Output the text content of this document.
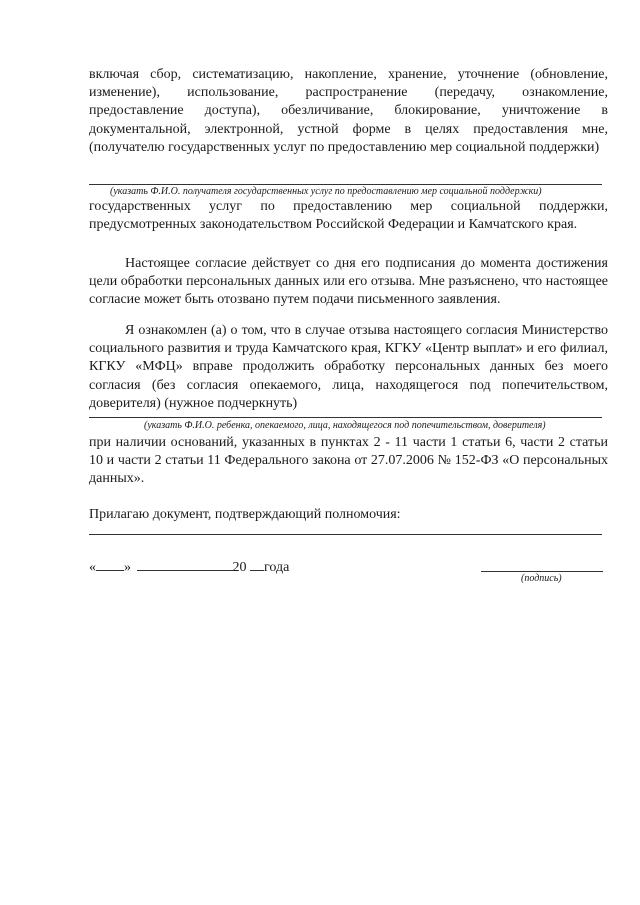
включая сбор, систематизацию, накопление, хранение, уточнение (обновление, изменение), использование, распространение (передачу, ознакомление, предоставление доступа), обезличивание, блокирование, уничтожение в документальной, электронной, устной форме в целях предоставления мне, (получателю государственных услуг по предоставлению мер социальной поддержки)
(указать Ф.И.О. получателя государственных услуг по предоставлению мер социальной поддержки)
государственных услуг по предоставлению мер социальной поддержки, предусмотренных законодательством Российской Федерации и Камчатского края.
Настоящее согласие действует со дня его подписания до момента достижения цели обработки персональных данных или его отзыва. Мне разъяснено, что настоящее согласие может быть отозвано путем подачи письменного заявления.
Я ознакомлен (а) о том, что в случае отзыва настоящего согласия Министерство социального развития и труда Камчатского края, КГКУ «Центр выплат» и его филиал, КГКУ «МФЦ» вправе продолжить обработку персональных данных без моего согласия (без согласия опекаемого, лица, находящегося под попечительством, доверителя) (нужное подчеркнуть)
(указать Ф.И.О. ребенка, опекаемого, лица, находящегося под попечительством, доверителя)
при наличии оснований, указанных в пунктах 2 - 11 части 1 статьи 6, части 2 статьи 10 и части 2 статьи 11 Федерального закона от 27.07.2006 № 152-ФЗ «О персональных данных».
Прилагаю документ, подтверждающий полномочия:
« »	20 года
(подпись)
